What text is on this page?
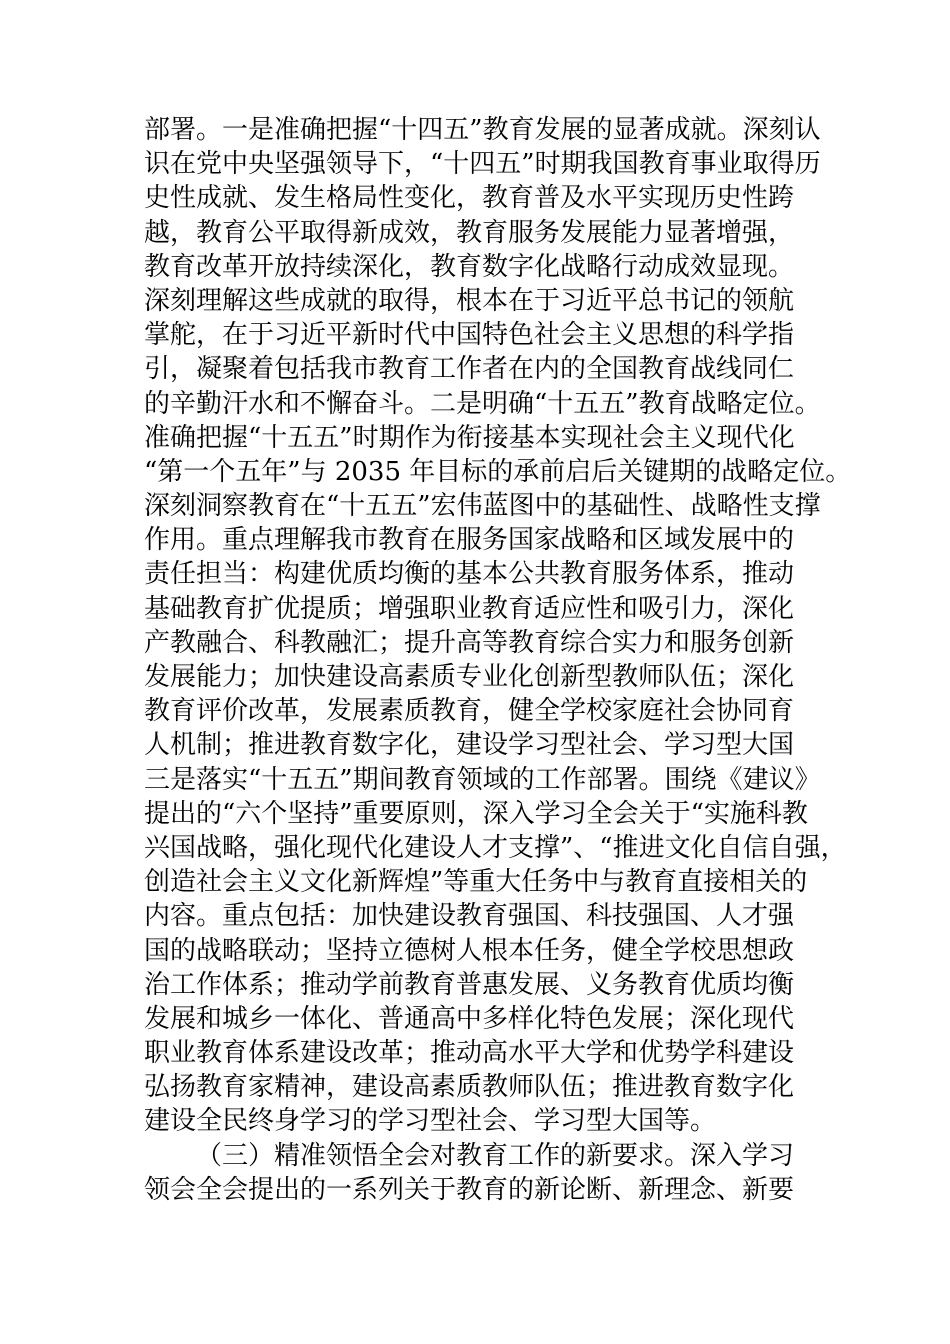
部署。一是准确把握“十四五”教育发展的显著成就。深刻认
识在党中央坚强领导下，“十四五”时期我国教育事业取得历
史性成就、发生格局性变化，教育普及水平实现历史性跨
越，教育公平取得新成效，教育服务发展能力显著增强，
教育改革开放持续深化，教育数字化战略行动成效显现。
深刻理解这些成就的取得，根本在于习近平总书记的领航
掌舵，在于习近平新时代中国特色社会主义思想的科学指
引，凝聚着包括我市教育工作者在内的全国教育战线同仁
的辛勤汗水和不懈奋斗。二是明确“十五五”教育战略定位。
准确把握“十五五”时期作为衔接基本实现社会主义现代化
“第一个五年”与 2035 年目标的承前启后关键期的战略定位。
深刻洞察教育在“十五五”宏伟蓝图中的基础性、战略性支撑
作用。重点理解我市教育在服务国家战略和区域发展中的
责任担当：构建优质均衡的基本公共教育服务体系，推动
基础教育扩优提质；增强职业教育适应性和吸引力，深化
产教融合、科教融汇；提升高等教育综合实力和服务创新
发展能力；加快建设高素质专业化创新型教师队伍；深化
教育评价改革，发展素质教育，健全学校家庭社会协同育
人机制；推进教育数字化，建设学习型社会、学习型大国
三是落实“十五五”期间教育领域的工作部署。围绕《建议》
提出的“六个坚持”重要原则，深入学习全会关于“实施科教
兴国战略，强化现代化建设人才支撑”、“推进文化自信自强，
创造社会主义文化新辉煌”等重大任务中与教育直接相关的
内容。重点包括：加快建设教育强国、科技强国、人才强
国的战略联动；坚持立德树人根本任务，健全学校思想政
治工作体系；推动学前教育普惠发展、义务教育优质均衡
发展和城乡一体化、普通高中多样化特色发展；深化现代
职业教育体系建设改革；推动高水平大学和优势学科建设
弘扬教育家精神，建设高素质教师队伍；推进教育数字化
建设全民终身学习的学习型社会、学习型大国等。
（三）精准领悟全会对教育工作的新要求。深入学习
领会全会提出的一系列关于教育的新论断、新理念、新要
